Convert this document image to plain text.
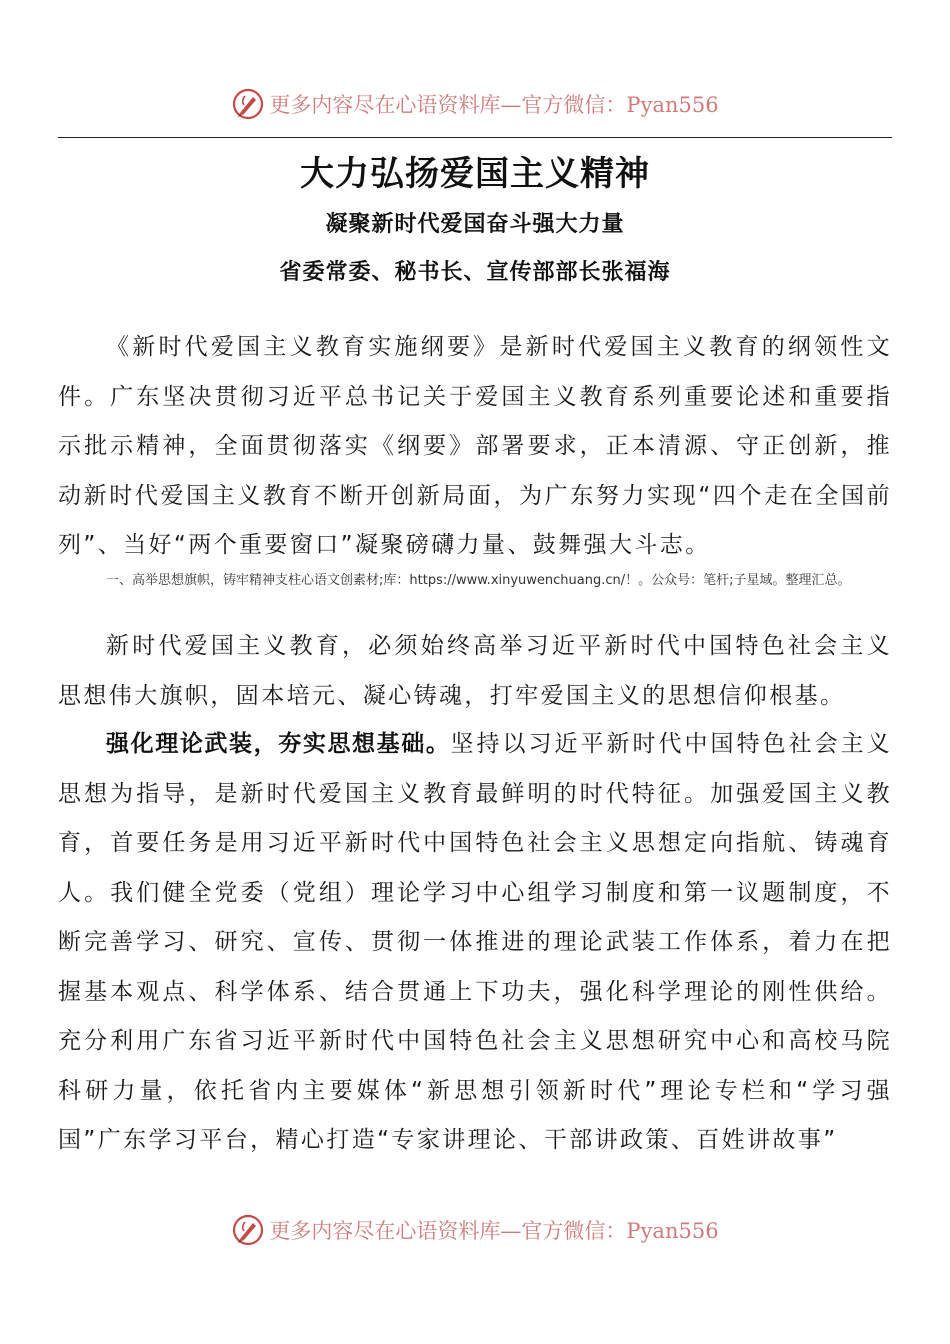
更多内容尽在心语资料库—官方微信：Pyan556
大力弘扬爱国主义精神
凝聚新时代爱国奋斗强大力量
省委常委、秘书长、宣传部部长张福海
《新时代爱国主义教育实施纲要》是新时代爱国主义教育的纲领性文件。广东坚决贯彻习近平总书记关于爱国主义教育系列重要论述和重要指示批示精神，全面贯彻落实《纲要》部署要求，正本清源、守正创新，推动新时代爱国主义教育不断开创新局面，为广东努力实现“四个走在全国前列”、当好“两个重要窗口”凝聚磅礴力量、鼓舞强大斗志。
一、高举思想旗帜，铸牢精神支柱心语文创素材;库：https://www.xinyuwenchuang.cn/！。公众号：笔杆;子星域。整理汇总。
新时代爱国主义教育，必须始终高举习近平新时代中国特色社会主义思想伟大旗帜，固本培元、凝心铸魂，打牢爱国主义的思想信仰根基。
强化理论武装，夯实思想基础。坚持以习近平新时代中国特色社会主义思想为指导，是新时代爱国主义教育最鲜明的时代特征。加强爱国主义教育，首要任务是用习近平新时代中国特色社会主义思想定向指航、铸魂育人。我们健全党委（党组）理论学习中心组学习制度和第一议题制度，不断完善学习、研究、宣传、贯彻一体推进的理论武装工作体系，着力在把握基本观点、科学体系、结合贯通上下功夫，强化科学理论的刚性供给。充分利用广东省习近平新时代中国特色社会主义思想研究中心和高校马院科研力量，依托省内主要媒体“新思想引领新时代”理论专栏和“学习强国”广东学习平台，精心打造“专家讲理论、干部讲政策、百姓讲故事”
更多内容尽在心语资料库—官方微信：Pyan556
